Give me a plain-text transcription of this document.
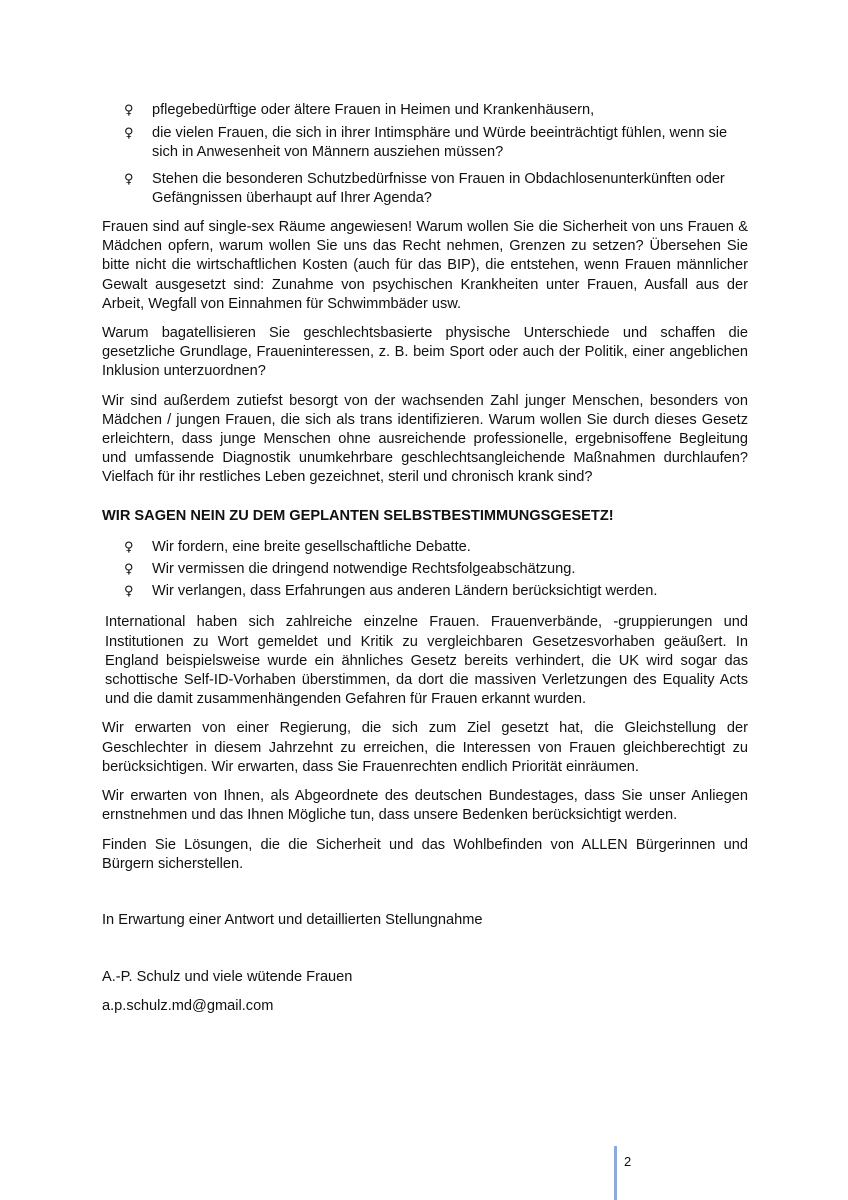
♀ pflegebedürftige oder ältere Frauen in Heimen und Krankenhäusern,
♀ die vielen Frauen, die sich in ihrer Intimsphäre und Würde beeinträchtigt fühlen, wenn sie sich in Anwesenheit von Männern ausziehen müssen?
♀ Stehen die besonderen Schutzbedürfnisse von Frauen in Obdachlosenunterkünften oder Gefängnissen überhaupt auf Ihrer Agenda?

Frauen sind auf single-sex Räume angewiesen! Warum wollen Sie die Sicherheit von uns Frauen & Mädchen opfern, warum wollen Sie uns das Recht nehmen, Grenzen zu setzen? Übersehen Sie bitte nicht die wirtschaftlichen Kosten (auch für das BIP), die entstehen, wenn Frauen männlicher Gewalt ausgesetzt sind: Zunahme von psychischen Krankheiten unter Frauen, Ausfall aus der Arbeit, Wegfall von Einnahmen für Schwimmbäder usw.

Warum bagatellisieren Sie geschlechtsbasierte physische Unterschiede und schaffen die gesetzliche Grundlage, Fraueninteressen, z. B. beim Sport oder auch der Politik, einer angeblichen Inklusion unterzuordnen?

Wir sind außerdem zutiefst besorgt von der wachsenden Zahl junger Menschen, besonders von Mädchen / jungen Frauen, die sich als trans identifizieren. Warum wollen Sie durch dieses Gesetz erleichtern, dass junge Menschen ohne ausreichende professionelle, ergebnisoffene Begleitung und umfassende Diagnostik unumkehrbare geschlechtsangleichende Maßnahmen durchlaufen? Vielfach für ihr restliches Leben gezeichnet, steril und chronisch krank sind?

WIR SAGEN NEIN ZU DEM GEPLANTEN SELBSTBESTIMMUNGSGESETZ!

♀ Wir fordern, eine breite gesellschaftliche Debatte.
♀ Wir vermissen die dringend notwendige Rechtsfolgeabschätzung.
♀ Wir verlangen, dass Erfahrungen aus anderen Ländern berücksichtigt werden.

International haben sich zahlreiche einzelne Frauen. Frauenverbände, -gruppierungen und Institutionen zu Wort gemeldet und Kritik zu vergleichbaren Gesetzesvorhaben geäußert. In England beispielsweise wurde ein ähnliches Gesetz bereits verhindert, die UK wird sogar das schottische Self-ID-Vorhaben überstimmen, da dort die massiven Verletzungen des Equality Acts und die damit zusammenhängenden Gefahren für Frauen erkannt wurden.

Wir erwarten von einer Regierung, die sich zum Ziel gesetzt hat, die Gleichstellung der Geschlechter in diesem Jahrzehnt zu erreichen, die Interessen von Frauen gleichberechtigt zu berücksichtigen. Wir erwarten, dass Sie Frauenrechten endlich Priorität einräumen.

Wir erwarten von Ihnen, als Abgeordnete des deutschen Bundestages, dass Sie unser Anliegen ernstnehmen und das Ihnen Mögliche tun, dass unsere Bedenken berücksichtigt werden.

Finden Sie Lösungen, die die Sicherheit und das Wohlbefinden von ALLEN Bürgerinnen und Bürgern sicherstellen.

In Erwartung einer Antwort und detaillierten Stellungnahme

A.-P. Schulz und viele wütende Frauen

a.p.schulz.md@gmail.com

2
